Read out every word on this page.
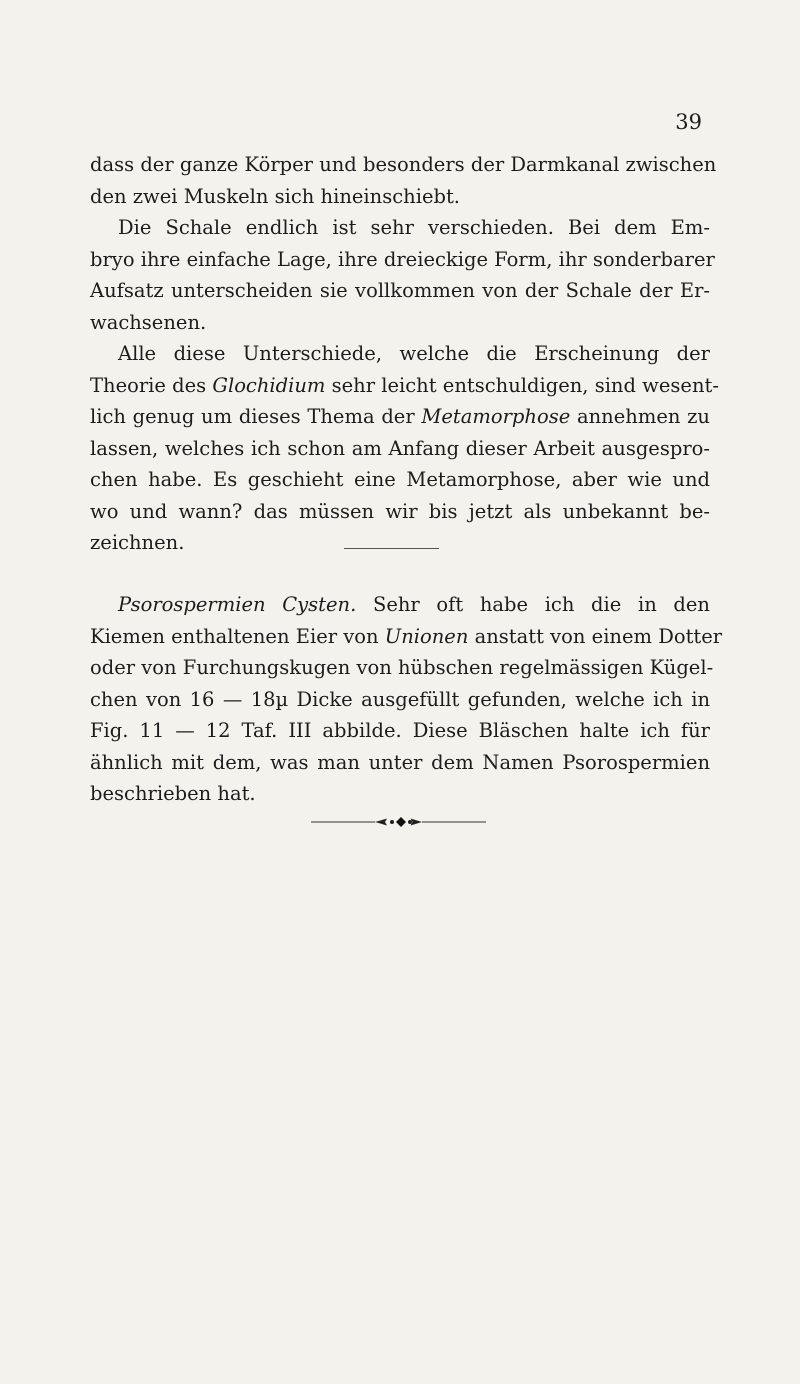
39
dass der ganze Körper und besonders der Darmkanal zwischen
den zwei Muskeln sich hineinschiebt.
Die Schale endlich ist sehr verschieden. Bei dem Em-
bryo ihre einfache Lage, ihre dreieckige Form, ihr sonderbarer
Aufsatz unterscheiden sie vollkommen von der Schale der Er-
wachsenen.
Alle diese Unterschiede, welche die Erscheinung der
Theorie des Glochidium sehr leicht entschuldigen, sind wesent-
lich genug um dieses Thema der Metamorphose annehmen zu
lassen, welches ich schon am Anfang dieser Arbeit ausgespro-
chen habe. Es geschieht eine Metamorphose, aber wie und
wo und wann? das müssen wir bis jetzt als unbekannt be-
zeichnen.
Psorospermien Cysten. Sehr oft habe ich die in den
Kiemen enthaltenen Eier von Unionen anstatt von einem Dotter
oder von Furchungskugen von hübschen regelmässigen Kügel-
chen von 16 — 18µ Dicke ausgefüllt gefunden, welche ich in
Fig. 11 — 12 Taf. III abbilde. Diese Bläschen halte ich für
ähnlich mit dem, was man unter dem Namen Psorospermien
beschrieben hat.
